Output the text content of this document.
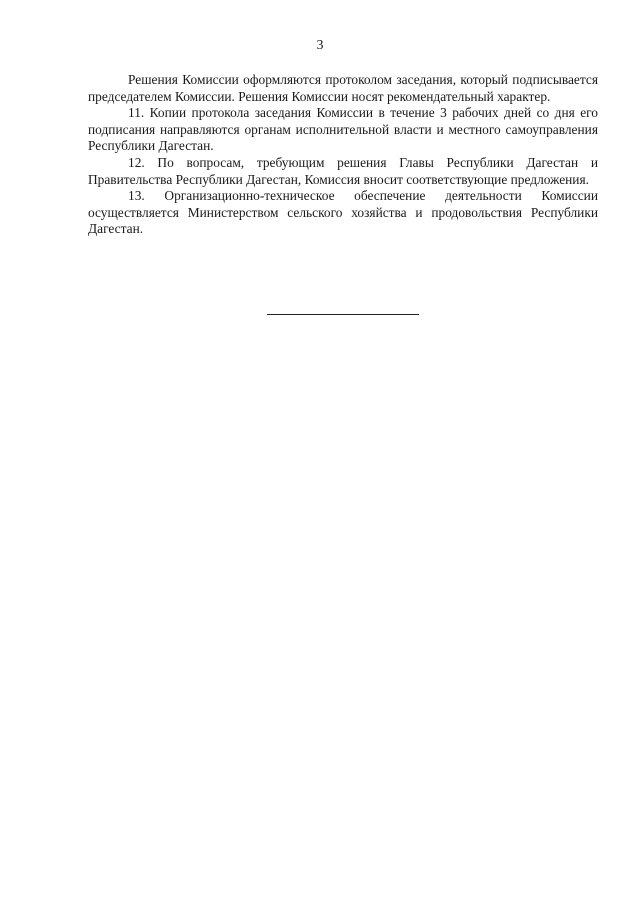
3

Решения Комиссии оформляются протоколом заседания, который подписывается председателем Комиссии. Решения Комиссии носят рекомендательный характер.

11. Копии протокола заседания Комиссии в течение 3 рабочих дней со дня его подписания направляются органам исполнительной власти и местного самоуправления Республики Дагестан.

12. По вопросам, требующим решения Главы Республики Дагестан и Правительства Республики Дагестан, Комиссия вносит соответствующие предложения.

13. Организационно-техническое обеспечение деятельности Комиссии осуществляется Министерством сельского хозяйства и продовольствия Республики Дагестан.
